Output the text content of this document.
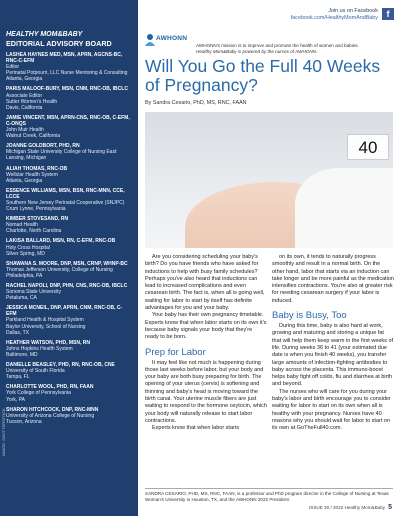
HEALTHY MOM&BABY
EDITORIAL ADVISORY BOARD
LASHEA HAYNES MED, MSN, APRN, AGCNS-BC, RNC-C-EFM
Editor
Perinatal Potpourri, LLC Nurse Mentoring & Consulting
Atlanta, Georgia
PARIS MALOOF-BURY, MSN, CNM, RNC-OB, IBCLC
Associate Editor
Sutter Women's Health
Davis, California
JAMIE VINCENT, MSN, APRN-CNS, RNC-OB, C-EFM, C-ONQS
John Muir Health
Walnut Creek, California
JOANNE GOLDBORT, PHD, RN
Michigan State University College of Nursing East Lansing, Michigan
ALIAH THOMAS, RNC-OB
Wellstar Health System
Atlanta, Georgia
ESSENCE WILLIAMS, MSN, BSN, RNC-MNN, CCE, LCCE
Southern New Jersey Perinatal Cooperative (SNJPC)
Crum Lynne, Pennsylvania
KIMBER STOVESAND, RN
Nomad Health
Charlotte, North Carolina
LAKISA BALLARD, MSN, RN, C-EFM, RNC-OB
Holy Cross Hospital
Silver Spring, MD
SHAWANA S. MOORE, DNP, MSN, CRNP, WHNP-BC
Thomas Jefferson University, College of Nursing
Philadelphia, PA
RACHEL NAPOLI, DNP, PHN, CNS, RNC-OB, IBCLC
Sonoma State University
Petaluma, CA
JESSICA MCNEIL, DNP, APRN, CNM, RNC-OB, C-EFM
Parkland Health & Hospital System
Baylor University, School of Nursing
Dallas, TX
HEATHER WATSON, PHD, MSN, RN
Johns Hopkins Health System
Baltimore, MD
DANIELLE BEASLEY, PHD, RN, RNC-OB, CNE
University of South Florida
Tampa, FL
CHARLOTTE WOOL, PHD, RN, FAAN
York College of Pennsylvania
York, PA
SHARON HITCHCOCK, DNP, RNC-MNN
University of Arizona College of Nursing
Tucson, Arizona
IMAGE: SHUTTERSTOCK
Join us on Facebook
facebook.com/HealthyMomAndBaby f
AWHONN
AWHONN's mission is to improve and promote the health of women and babies.
Healthy Mom&Baby is powered by the nurses of AWHONN.
Will You Go the Full 40 Weeks of Pregnancy?
By Sandra Cesario, PhD, MS, RNC, FAAN
40

Are you considering scheduling your baby's birth? Do you have friends who have asked for inductions to help with busy family schedules? Perhaps you've also heard that inductions can lead to increased complications and even cesarean birth. The fact is, when all is going well, waiting for labor to start by itself has definite advantages for you and your baby.

Your baby has their own pregnancy timetable. Experts know that when labor starts on its own it's because baby signals your body that they're ready to be born.

Prep for Labor

It may feel like not much is happening during those last weeks before labor, but your body and your baby are both busy preparing for birth. The opening of your uterus (cervix) is softening and thinning and baby's head is moving toward the birth canal. Your uterine muscle fibers are just waiting to respond to the hormone oxytocin, which your body will naturally release to start labor contractions.

Experts know that when labor starts

on its own, it tends to naturally progress smoothly and result in a normal birth. On the other hand, labor that starts via an induction can take longer and be more painful as the medication intensifies contractions. You're also at greater risk for needing cesarean surgery if your labor is induced.

Baby is Busy, Too

During this time, baby is also hard at work, growing and maturing and storing a unique fat that will help them keep warm in the first weeks of life. During weeks 36 to 41 (your estimated due date is when you finish 40 weeks), you transfer large amounts of infection-fighting antibodies to baby across the placenta. This immuno-boost helps baby fight off colds, flu and diarrhea at birth and beyond.

The nurses who will care for you during your baby's labor and birth encourage you to consider waiting for labor to start on its own when all is healthy with your pregnancy. Nurses have 40 reasons why you should wait for labor to start on its own at GoTheFull40.com.

SANDRA CESARIO, PHD, MS, RNC, FAAN, is a professor and PhD program director in the College of Nursing at Texas Woman's University in Houston, TX, and the AWHONN 2022 President.
ISSUE 30 / 2022 Healthy Mom&Baby 5
